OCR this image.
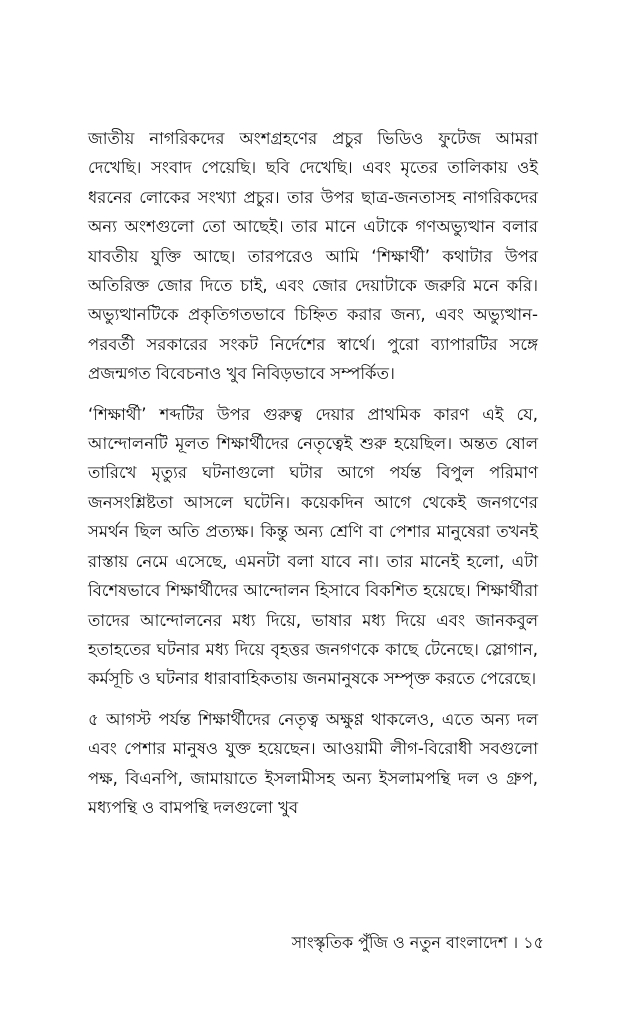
জাতীয় নাগরিকদের অংশগ্রহণের প্রচুর ভিডিও ফুটেজ আমরা দেখেছি। সংবাদ পেয়েছি। ছবি দেখেছি। এবং মৃতের তালিকায় ওই ধরনের লোকের সংখ্যা প্রচুর। তার উপর ছাত্র-জনতাসহ নাগরিকদের অন্য অংশগুলো তো আছেই। তার মানে এটাকে গণঅভ্যুত্থান বলার যাবতীয় যুক্তি আছে। তারপরেও আমি ‘শিক্ষার্থী’ কথাটার উপর অতিরিক্ত জোর দিতে চাই, এবং জোর দেয়াটাকে জরুরি মনে করি। অভ্যুত্থানটিকে প্রকৃতিগতভাবে চিহ্নিত করার জন্য, এবং অভ্যুত্থান-পরবর্তী সরকারের সংকট নির্দেশের স্বার্থে। পুরো ব্যাপারটির সঙ্গে প্রজন্মগত বিবেচনাও খুব নিবিড়ভাবে সম্পর্কিত।

‘শিক্ষার্থী’ শব্দটির উপর গুরুত্ব দেয়ার প্রাথমিক কারণ এই যে, আন্দোলনটি মূলত শিক্ষার্থীদের নেতৃত্বেই শুরু হয়েছিল। অন্তত ষোল তারিখে মৃত্যুর ঘটনাগুলো ঘটার আগে পর্যন্ত বিপুল পরিমাণ জনসংশ্লিষ্টতা আসলে ঘটেনি। কয়েকদিন আগে থেকেই জনগণের সমর্থন ছিল অতি প্রত্যক্ষ। কিন্তু অন্য শ্রেণি বা পেশার মানুষেরা তখনই রাস্তায় নেমে এসেছে, এমনটা বলা যাবে না। তার মানেই হলো, এটা বিশেষভাবে শিক্ষার্থীদের আন্দোলন হিসাবে বিকশিত হয়েছে। শিক্ষার্থীরা তাদের আন্দোলনের মধ্য দিয়ে, ভাষার মধ্য দিয়ে এবং জানকবুল হতাহতের ঘটনার মধ্য দিয়ে বৃহত্তর জনগণকে কাছে টেনেছে। স্লোগান, কর্মসূচি ও ঘটনার ধারাবাহিকতায় জনমানুষকে সম্পৃক্ত করতে পেরেছে।

৫ আগস্ট পর্যন্ত শিক্ষার্থীদের নেতৃত্ব অক্ষুণ্ণ থাকলেও, এতে অন্য দল এবং পেশার মানুষও যুক্ত হয়েছেন। আওয়ামী লীগ-বিরোধী সবগুলো পক্ষ, বিএনপি, জামায়াতে ইসলামীসহ অন্য ইসলামপন্থি দল ও গ্রুপ, মধ্যপন্থি ও বামপন্থি দলগুলো খুব

সাংস্কৃতিক পুঁজি ও নতুন বাংলাদেশ । ১৫
